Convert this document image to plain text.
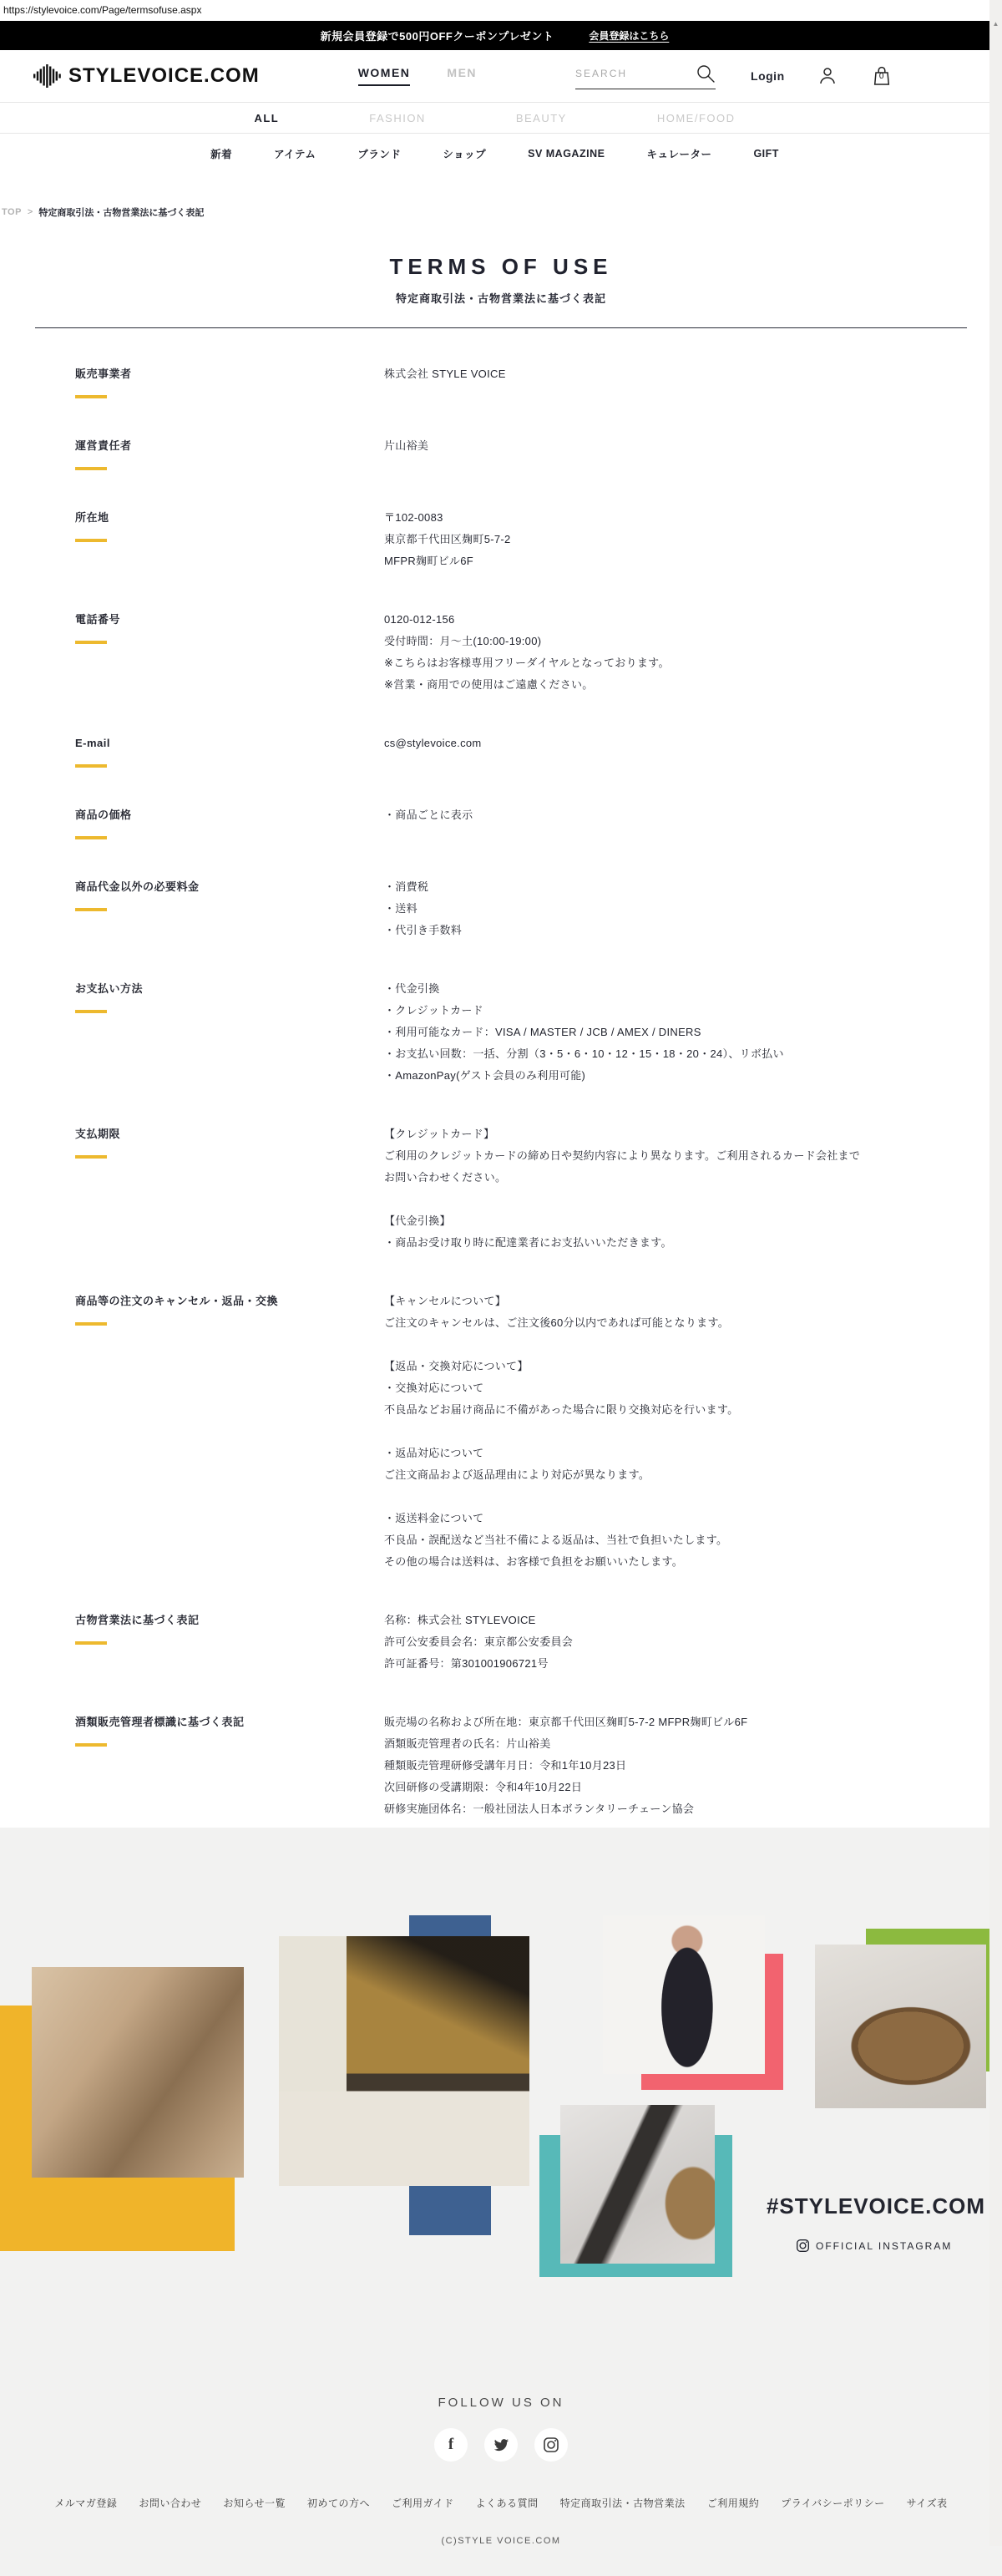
https://stylevoice.com/Page/termsofuse.aspx
▲
新規会員登録で500円OFFクーポンプレゼント	会員登録はこちら
STYLEVOICE.COM	WOMEN	MEN	SEARCH	Login	0
ALL	FASHION	BEAUTY	HOME/FOOD
新着	アイテム	ブランド	ショップ	SV MAGAZINE	キュレーター	GIFT
TOP > 特定商取引法・古物営業法に基づく表記
TERMS OF USE
特定商取引法・古物営業法に基づく表記
販売事業者	株式会社 STYLE VOICE
運営責任者	片山裕美
所在地	〒102-0083
東京都千代田区麹町5-7-2
MFPR麹町ビル6F
電話番号	0120-012-156
受付時間：月～土(10:00-19:00)
※こちらはお客様専用フリーダイヤルとなっております。
※営業・商用での使用はご遠慮ください。
E-mail	cs@stylevoice.com
商品の価格	・商品ごとに表示
商品代金以外の必要料金	・消費税
・送料
・代引き手数料
お支払い方法	・代金引換
・クレジットカード
・利用可能なカード：VISA / MASTER / JCB / AMEX / DINERS
・お支払い回数：一括、分割（3・5・6・10・12・15・18・20・24）、リボ払い
・AmazonPay(ゲスト会員のみ利用可能)
支払期限	【クレジットカード】
ご利用のクレジットカードの締め日や契約内容により異なります。ご利用されるカード会社まで
お問い合わせください。
【代金引換】
・商品お受け取り時に配達業者にお支払いいただきます。
商品等の注文のキャンセル・返品・交換	【キャンセルについて】
ご注文のキャンセルは、ご注文後60分以内であれば可能となります。
【返品・交換対応について】
・交換対応について
不良品などお届け商品に不備があった場合に限り交換対応を行います。
・返品対応について
ご注文商品および返品理由により対応が異なります。
・返送料金について
不良品・誤配送など当社不備による返品は、当社で負担いたします。
その他の場合は送料は、お客様で負担をお願いいたします。
古物営業法に基づく表記	名称：株式会社 STYLEVOICE
許可公安委員会名：東京都公安委員会
許可証番号：第301001906721号
酒類販売管理者標識に基づく表記	販売場の名称および所在地：東京都千代田区麹町5-7-2 MFPR麹町ビル6F
酒類販売管理者の氏名：片山裕美
種類販売管理研修受講年月日：令和1年10月23日
次回研修の受講期限：令和4年10月22日
研修実施団体名：一般社団法人日本ボランタリーチェーン協会
#STYLEVOICE.COM
OFFICIAL INSTAGRAM
FOLLOW US ON
f
メルマガ登録 お問い合わせ お知らせ一覧 初めての方へ ご利用ガイド よくある質問 特定商取引法・古物営業法 ご利用規約 プライバシーポリシー サイズ表
(C)STYLE VOICE.COM
